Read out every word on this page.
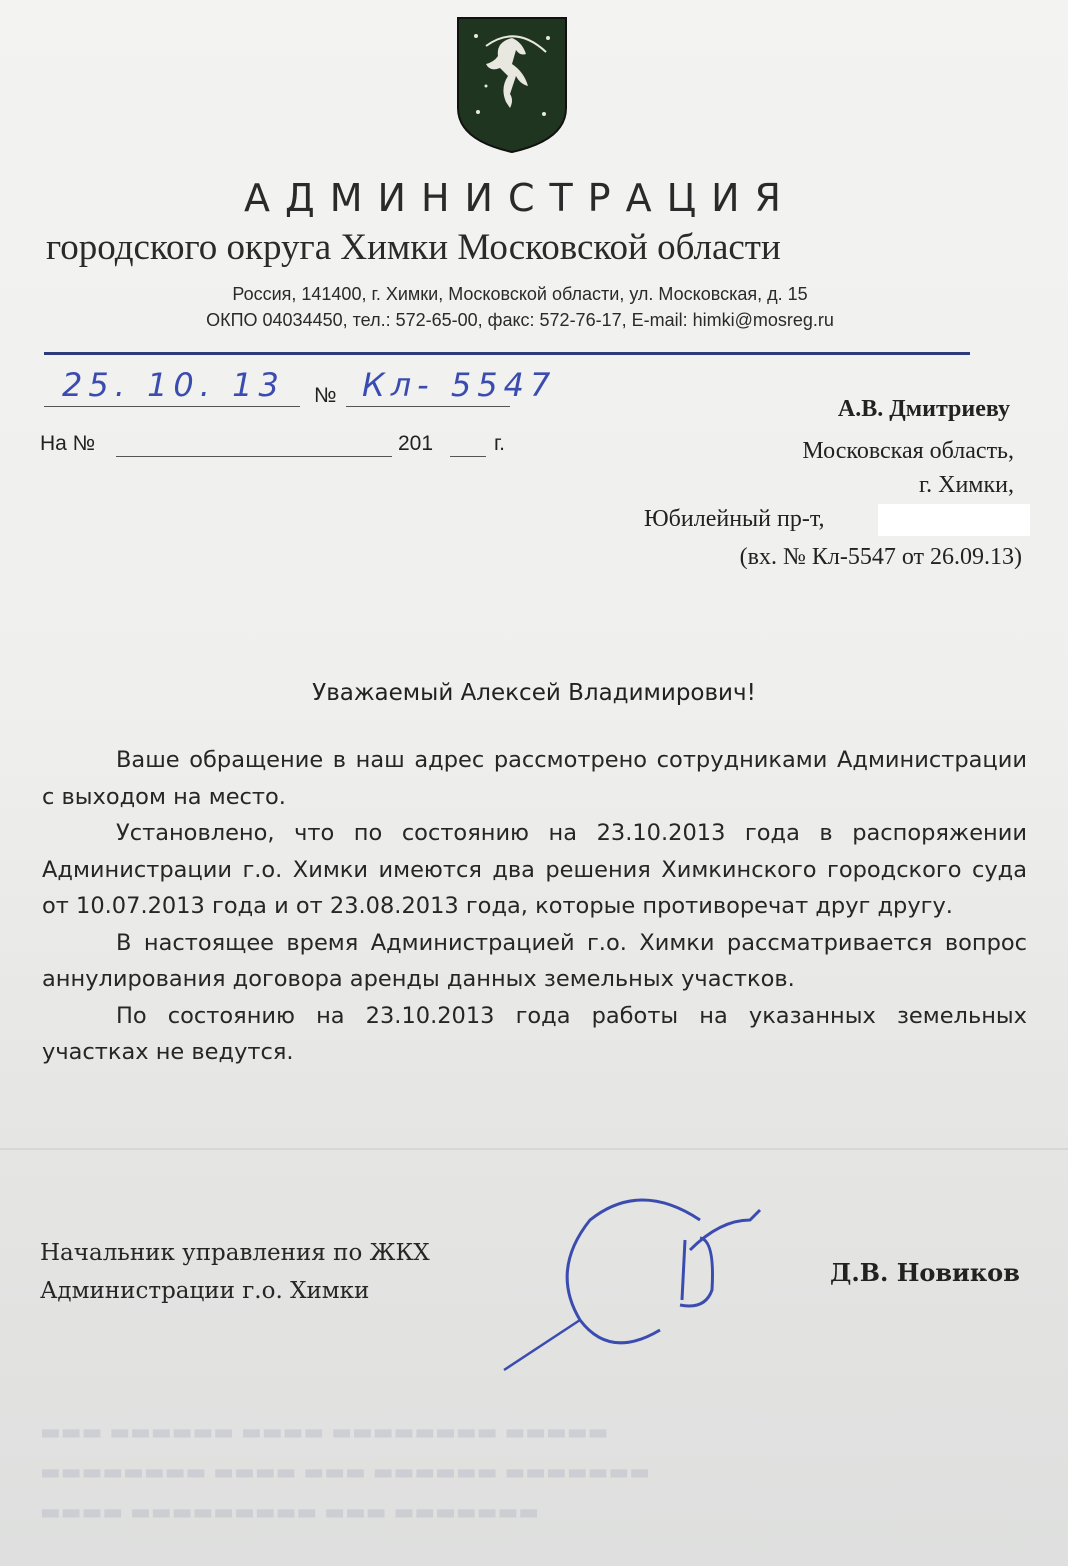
АДМИНИСТРАЦИЯ
городского округа Химки Московской области
Россия, 141400, г. Химки, Московской области, ул. Московская, д. 15
ОКПО 04034450, тел.: 572-65-00, факс: 572-76-17, E-mail: himki@mosreg.ru
25. 10. 13 № Кл- 5547
На №	201	г.
А.В. Дмитриеву
Московская область,
г. Химки,
Юбилейный пр-т,
(вх. № Кл-5547 от 26.09.13)
Уважаемый Алексей Владимирович!

Ваше обращение в наш адрес рассмотрено сотрудниками Администрации с выходом на место.

Установлено, что по состоянию на 23.10.2013 года в распоряжении Администрации г.о. Химки имеются два решения Химкинского городского суда от 10.07.2013 года и от 23.08.2013 года, которые противоречат друг другу.

В настоящее время Администрацией г.о. Химки рассматривается вопрос аннулирования договора аренды данных земельных участков.

По состоянию на 23.10.2013 года работы на указанных земельных участках не ведутся.

Начальник управления по ЖКХ
Администрации г.о. Химки
Д.В. Новиков
▬▬▬ ▬▬▬▬▬▬ ▬▬▬▬ ▬▬▬▬▬▬▬▬ ▬▬▬▬▬
▬▬▬▬▬▬▬▬ ▬▬▬▬ ▬▬▬ ▬▬▬▬▬▬ ▬▬▬▬▬▬▬
▬▬▬▬ ▬▬▬▬▬▬▬▬▬ ▬▬▬ ▬▬▬▬▬▬▬
